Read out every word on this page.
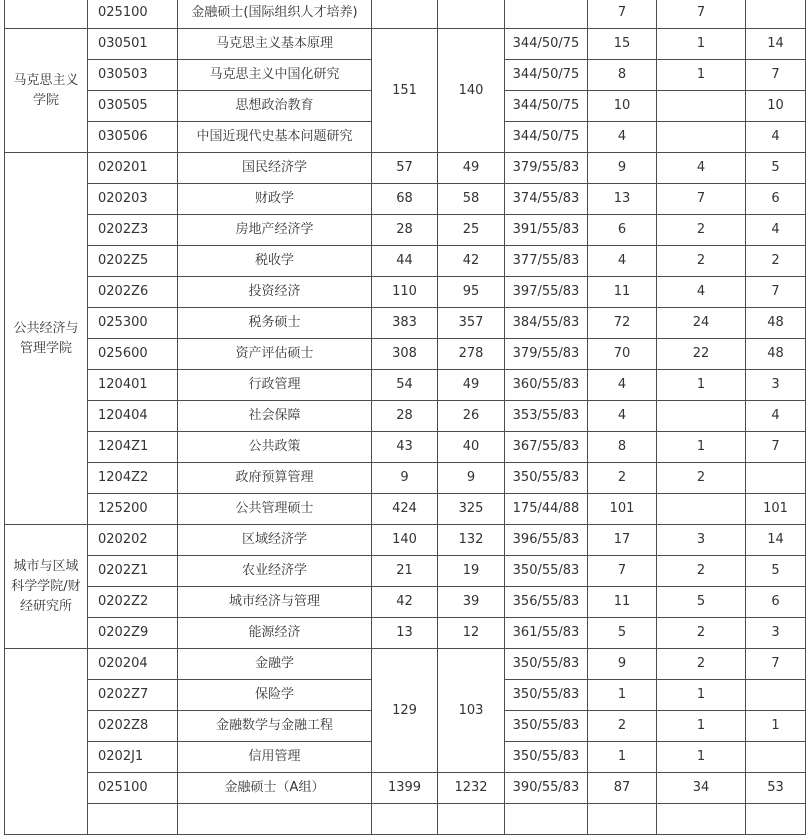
	025100	金融硕士(国际组织人才培养)				7	7	
马克思主义学院	030501	马克思主义基本原理	151	140	344/50/75	15	1	14
	030503	马克思主义中国化研究			344/50/75	8	1	7
	030505	思想政治教育			344/50/75	10		10
	030506	中国近现代史基本问题研究			344/50/75	4		4
公共经济与管理学院	020201	国民经济学	57	49	379/55/83	9	4	5
	020203	财政学	68	58	374/55/83	13	7	6
	0202Z3	房地产经济学	28	25	391/55/83	6	2	4
	0202Z5	税收学	44	42	377/55/83	4	2	2
	0202Z6	投资经济	110	95	397/55/83	11	4	7
	025300	税务硕士	383	357	384/55/83	72	24	48
	025600	资产评估硕士	308	278	379/55/83	70	22	48
	120401	行政管理	54	49	360/55/83	4	1	3
	120404	社会保障	28	26	353/55/83	4		4
	1204Z1	公共政策	43	40	367/55/83	8	1	7
	1204Z2	政府预算管理	9	9	350/55/83	2	2	
	125200	公共管理硕士	424	325	175/44/88	101		101
城市与区域科学学院/财经研究所	020202	区域经济学	140	132	396/55/83	17	3	14
	0202Z1	农业经济学	21	19	350/55/83	7	2	5
	0202Z2	城市经济与管理	42	39	356/55/83	11	5	6
	0202Z9	能源经济	13	12	361/55/83	5	2	3
	020204	金融学	129	103	350/55/83	9	2	7
	0202Z7	保险学			350/55/83	1	1	
	0202Z8	金融数学与金融工程			350/55/83	2	1	1
	0202J1	信用管理			350/55/83	1	1	
	025100	金融硕士（A组）	1399	1232	390/55/83	87	34	53
